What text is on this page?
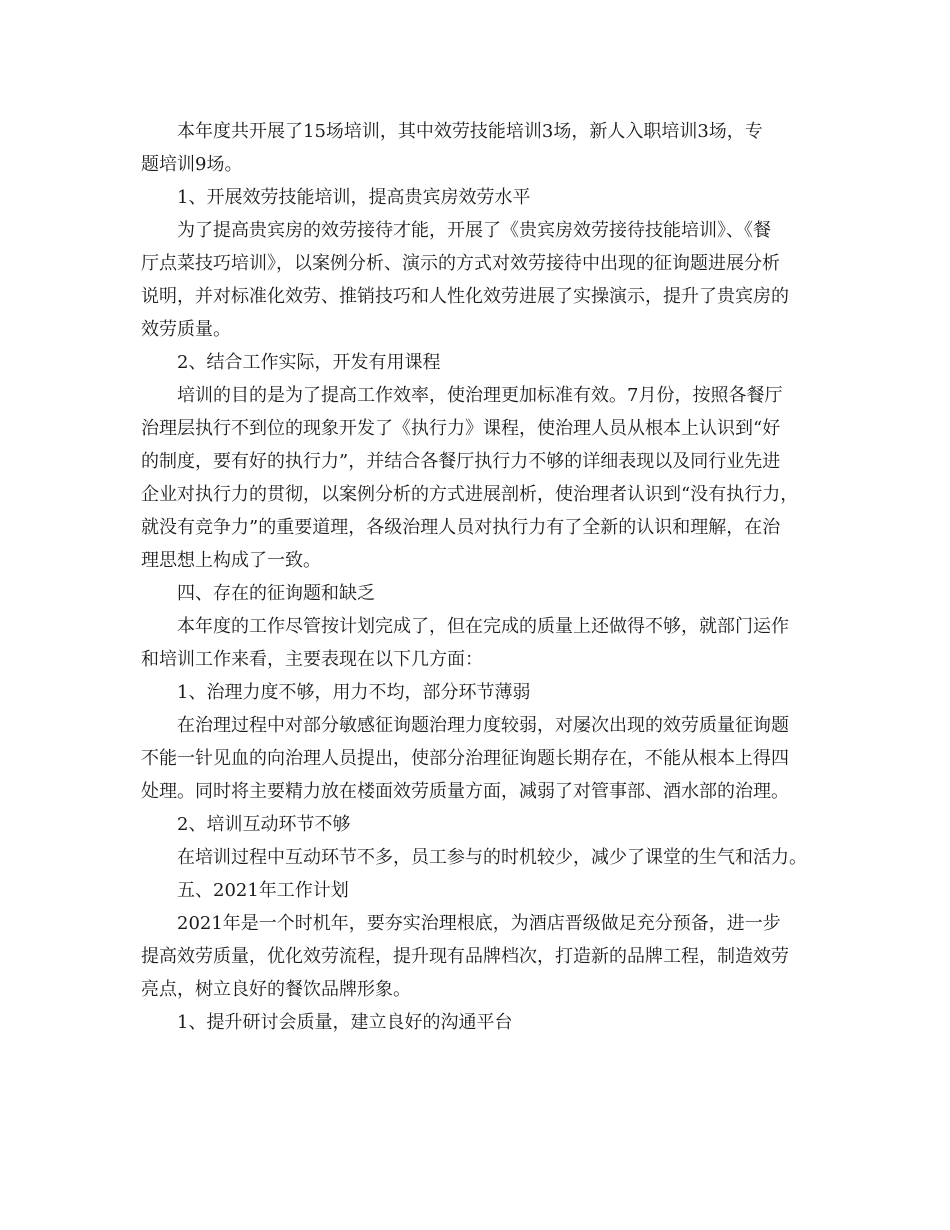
本年度共开展了15场培训，其中效劳技能培训3场，新人入职培训3场，专
题培训9场。
1、开展效劳技能培训，提高贵宾房效劳水平
为了提高贵宾房的效劳接待才能，开展了《贵宾房效劳接待技能培训》、《餐
厅点菜技巧培训》，以案例分析、演示的方式对效劳接待中出现的征询题进展分析
说明，并对标准化效劳、推销技巧和人性化效劳进展了实操演示，提升了贵宾房的
效劳质量。
2、结合工作实际，开发有用课程
培训的目的是为了提高工作效率，使治理更加标准有效。7月份，按照各餐厅
治理层执行不到位的现象开发了《执行力》课程，使治理人员从根本上认识到“好
的制度，要有好的执行力”，并结合各餐厅执行力不够的详细表现以及同行业先进
企业对执行力的贯彻，以案例分析的方式进展剖析，使治理者认识到“没有执行力，
就没有竞争力”的重要道理，各级治理人员对执行力有了全新的认识和理解，在治
理思想上构成了一致。
四、存在的征询题和缺乏
本年度的工作尽管按计划完成了，但在完成的质量上还做得不够，就部门运作
和培训工作来看，主要表现在以下几方面：
1、治理力度不够，用力不均，部分环节薄弱
在治理过程中对部分敏感征询题治理力度较弱，对屡次出现的效劳质量征询题
不能一针见血的向治理人员提出，使部分治理征询题长期存在，不能从根本上得四
处理。同时将主要精力放在楼面效劳质量方面，减弱了对管事部、酒水部的治理。
2、培训互动环节不够
在培训过程中互动环节不多，员工参与的时机较少，减少了课堂的生气和活力。
五、2021年工作计划
2021年是一个时机年，要夯实治理根底，为酒店晋级做足充分预备，进一步
提高效劳质量，优化效劳流程，提升现有品牌档次，打造新的品牌工程，制造效劳
亮点，树立良好的餐饮品牌形象。
1、提升研讨会质量，建立良好的沟通平台
